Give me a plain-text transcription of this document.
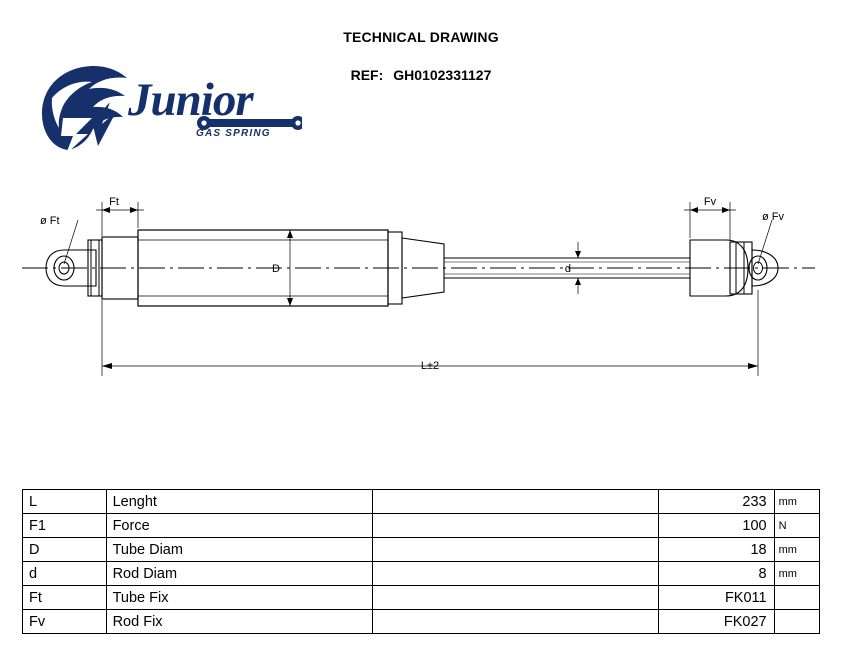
TECHNICAL DRAWING
REF: GH0102331127
Junior
GAS SPRING
Ft	Fv
ø Ft	ø Fv
D	d
L±2
L	Lenght		233	mm
F1	Force		100	N
D	Tube Diam		18	mm
d	Rod Diam		8	mm
Ft	Tube Fix		FK011	
Fv	Rod Fix		FK027	
